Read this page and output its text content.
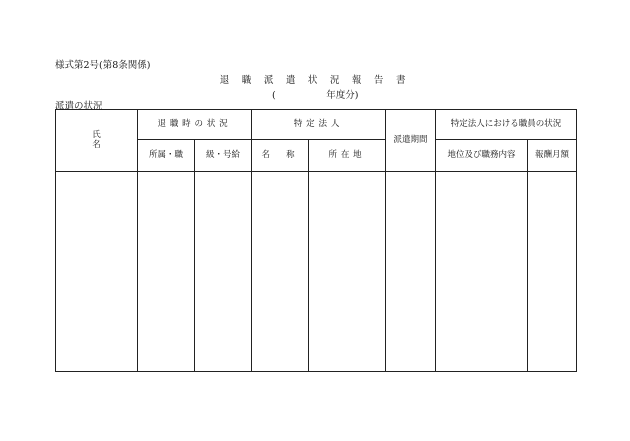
様式第2号(第8条関係)
退 職 派 遣 状 況 報 告 書
(　　　　　 年度分)
派遣の状況
氏　名	退職時の状況		特定法人		派遣期間	特定法人における職員の状況	
	所属・職	級・号給	名　称	所在地		地位及び職務内容	報酬月額
